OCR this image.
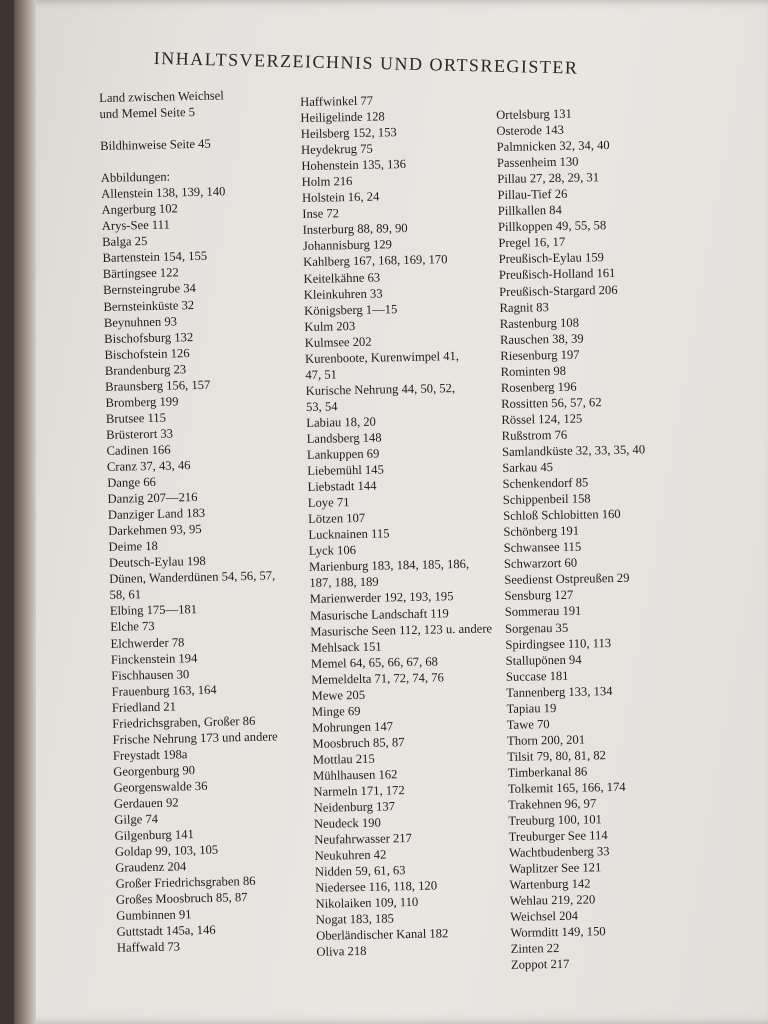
INHALTSVERZEICHNIS UND ORTSREGISTER
Land zwischen Weichsel
und Memel Seite 5
Bildhinweise Seite 45
Abbildungen:
Allenstein 138, 139, 140
Angerburg 102
Arys-See 111
Balga 25
Bartenstein 154, 155
Bärtingsee 122
Bernsteingrube 34
Bernsteinküste 32
Beynuhnen 93
Bischofsburg 132
Bischofstein 126
Brandenburg 23
Braunsberg 156, 157
Bromberg 199
Brutsee 115
Brüsterort 33
Cadinen 166
Cranz 37, 43, 46
Dange 66
Danzig 207—216
Danziger Land 183
Darkehmen 93, 95
Deime 18
Deutsch-Eylau 198
Dünen, Wanderdünen 54, 56, 57,
58, 61
Elbing 175—181
Elche 73
Elchwerder 78
Finckenstein 194
Fischhausen 30
Frauenburg 163, 164
Friedland 21
Friedrichsgraben, Großer 86
Frische Nehrung 173 und andere
Freystadt 198a
Georgenburg 90
Georgenswalde 36
Gerdauen 92
Gilge 74
Gilgenburg 141
Goldap 99, 103, 105
Graudenz 204
Großer Friedrichsgraben 86
Großes Moosbruch 85, 87
Gumbinnen 91
Guttstadt 145a, 146
Haffwald 73
Haffwinkel 77
Heiligelinde 128
Heilsberg 152, 153
Heydekrug 75
Hohenstein 135, 136
Holm 216
Holstein 16, 24
Inse 72
Insterburg 88, 89, 90
Johannisburg 129
Kahlberg 167, 168, 169, 170
Keitelkähne 63
Kleinkuhren 33
Königsberg 1—15
Kulm 203
Kulmsee 202
Kurenboote, Kurenwimpel 41,
47, 51
Kurische Nehrung 44, 50, 52,
53, 54
Labiau 18, 20
Landsberg 148
Lankuppen 69
Liebemühl 145
Liebstadt 144
Loye 71
Lötzen 107
Lucknainen 115
Lyck 106
Marienburg 183, 184, 185, 186,
187, 188, 189
Marienwerder 192, 193, 195
Masurische Landschaft 119
Masurische Seen 112, 123 u. andere
Mehlsack 151
Memel 64, 65, 66, 67, 68
Memeldelta 71, 72, 74, 76
Mewe 205
Minge 69
Mohrungen 147
Moosbruch 85, 87
Mottlau 215
Mühlhausen 162
Narmeln 171, 172
Neidenburg 137
Neudeck 190
Neufahrwasser 217
Neukuhren 42
Nidden 59, 61, 63
Niedersee 116, 118, 120
Nikolaiken 109, 110
Nogat 183, 185
Oberländischer Kanal 182
Oliva 218
Ortelsburg 131
Osterode 143
Palmnicken 32, 34, 40
Passenheim 130
Pillau 27, 28, 29, 31
Pillau-Tief 26
Pillkallen 84
Pillkoppen 49, 55, 58
Pregel 16, 17
Preußisch-Eylau 159
Preußisch-Holland 161
Preußisch-Stargard 206
Ragnit 83
Rastenburg 108
Rauschen 38, 39
Riesenburg 197
Rominten 98
Rosenberg 196
Rossitten 56, 57, 62
Rössel 124, 125
Rußstrom 76
Samlandküste 32, 33, 35, 40
Sarkau 45
Schenkendorf 85
Schippenbeil 158
Schloß Schlobitten 160
Schönberg 191
Schwansee 115
Schwarzort 60
Seedienst Ostpreußen 29
Sensburg 127
Sommerau 191
Sorgenau 35
Spirdingsee 110, 113
Stallupönen 94
Succase 181
Tannenberg 133, 134
Tapiau 19
Tawe 70
Thorn 200, 201
Tilsit 79, 80, 81, 82
Timberkanal 86
Tolkemit 165, 166, 174
Trakehnen 96, 97
Treuburg 100, 101
Treuburger See 114
Wachtbudenberg 33
Waplitzer See 121
Wartenburg 142
Wehlau 219, 220
Weichsel 204
Wormditt 149, 150
Zinten 22
Zoppot 217
